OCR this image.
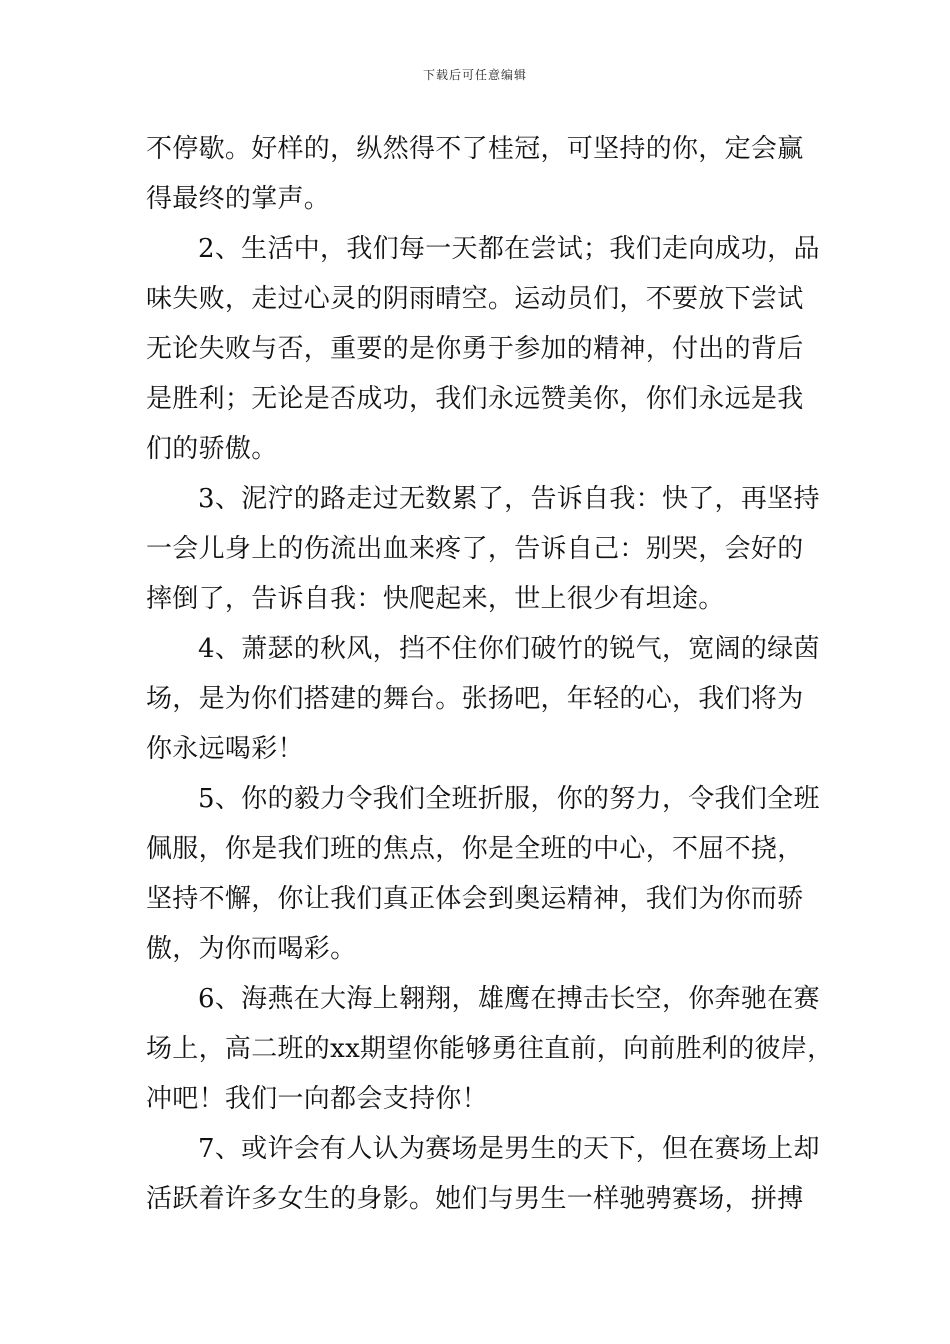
下载后可任意编辑
不停歇。好样的，纵然得不了桂冠，可坚持的你，定会赢
得最终的掌声。
2、生活中，我们每一天都在尝试；我们走向成功，品
味失败，走过心灵的阴雨晴空。运动员们，不要放下尝试
无论失败与否，重要的是你勇于参加的精神，付出的背后
是胜利；无论是否成功，我们永远赞美你，你们永远是我
们的骄傲。
3、泥泞的路走过无数累了，告诉自我：快了，再坚持
一会儿身上的伤流出血来疼了，告诉自己：别哭，会好的
摔倒了，告诉自我：快爬起来，世上很少有坦途。
4、萧瑟的秋风，挡不住你们破竹的锐气，宽阔的绿茵
场，是为你们搭建的舞台。张扬吧，年轻的心，我们将为
你永远喝彩！
5、你的毅力令我们全班折服，你的努力，令我们全班
佩服，你是我们班的焦点，你是全班的中心，不屈不挠，
坚持不懈，你让我们真正体会到奥运精神，我们为你而骄
傲，为你而喝彩。
6、海燕在大海上翱翔，雄鹰在搏击长空，你奔驰在赛
场上，高二班的xx期望你能够勇往直前，向前胜利的彼岸，
冲吧！我们一向都会支持你！
7、或许会有人认为赛场是男生的天下，但在赛场上却
活跃着许多女生的身影。她们与男生一样驰骋赛场，拼搏
